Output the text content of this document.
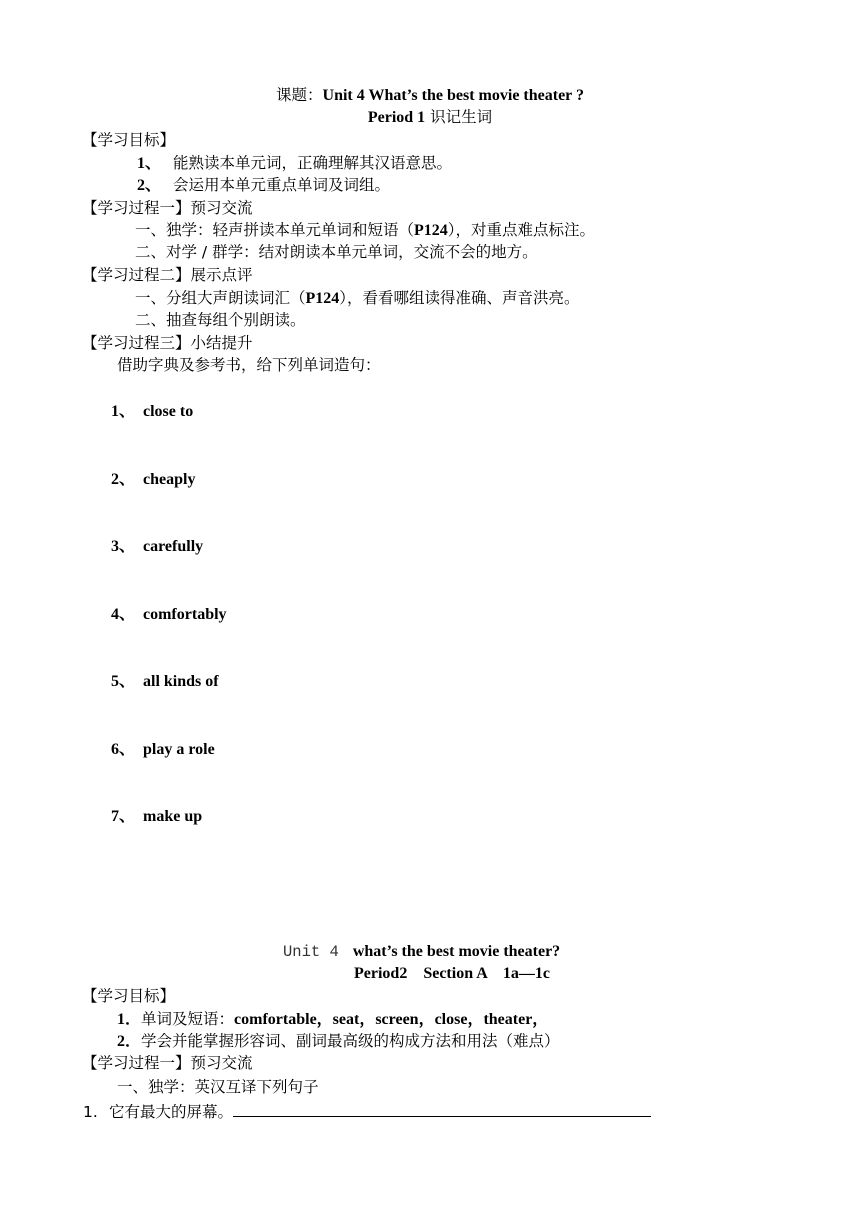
课题：Unit 4 What’s the best movie theater ?
Period 1 识记生词
【学习目标】
1、 能熟读本单元词，正确理解其汉语意思。
2、 会运用本单元重点单词及词组。
【学习过程一】预习交流
一、独学：轻声拼读本单元单词和短语（P124），对重点难点标注。
二、对学 / 群学：结对朗读本单元单词，交流不会的地方。
【学习过程二】展示点评
一、分组大声朗读词汇（P124），看看哪组读得准确、声音洪亮。
二、抽查每组个别朗读。
【学习过程三】小结提升
借助字典及参考书，给下列单词造句：
1、 close to
2、 cheaply
3、 carefully
4、 comfortably
5、 all kinds of
6、 play a role
7、 make up
Unit 4 what’s the best movie theater?
Period2    Section A    1a—1c
【学习目标】
1．单词及短语：comfortable，seat，screen，close，theater，
2．学会并能掌握形容词、副词最高级的构成方法和用法（难点）
【学习过程一】预习交流
一、独学：英汉互译下列句子
1. 它有最大的屏幕。
